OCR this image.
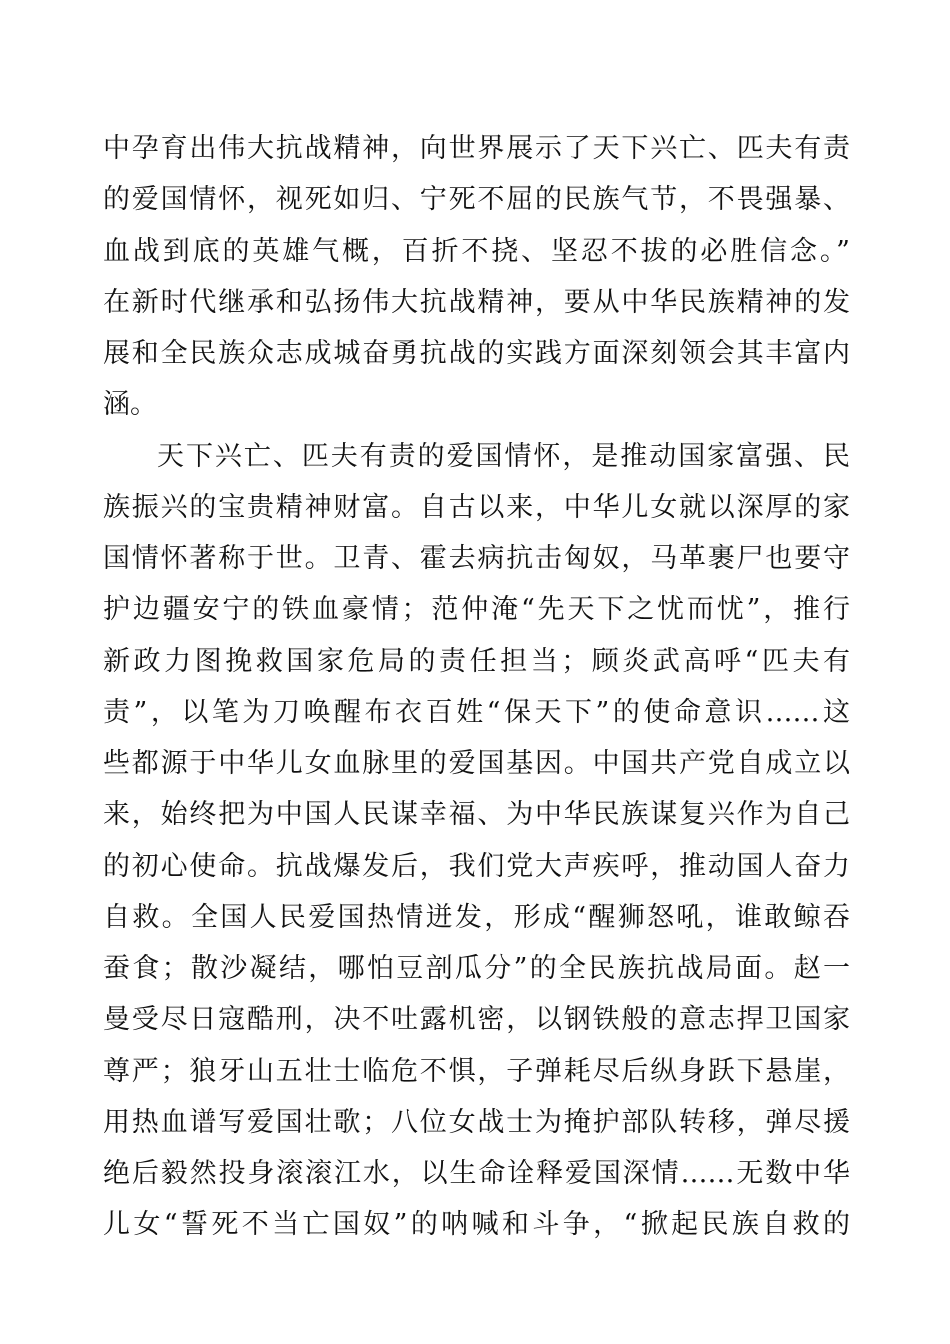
中孕育出伟大抗战精神，向世界展示了天下兴亡、匹夫有责
的爱国情怀，视死如归、宁死不屈的民族气节，不畏强暴、
血战到底的英雄气概，百折不挠、坚忍不拔的必胜信念。”
在新时代继承和弘扬伟大抗战精神，要从中华民族精神的发
展和全民族众志成城奋勇抗战的实践方面深刻领会其丰富内
涵。
天下兴亡、匹夫有责的爱国情怀，是推动国家富强、民
族振兴的宝贵精神财富。自古以来，中华儿女就以深厚的家
国情怀著称于世。卫青、霍去病抗击匈奴，马革裹尸也要守
护边疆安宁的铁血豪情；范仲淹“先天下之忧而忧”，推行
新政力图挽救国家危局的责任担当；顾炎武高呼“匹夫有
责”，以笔为刀唤醒布衣百姓“保天下”的使命意识……这
些都源于中华儿女血脉里的爱国基因。中国共产党自成立以
来，始终把为中国人民谋幸福、为中华民族谋复兴作为自己
的初心使命。抗战爆发后，我们党大声疾呼，推动国人奋力
自救。全国人民爱国热情迸发，形成“醒狮怒吼，谁敢鲸吞
蚕食；散沙凝结，哪怕豆剖瓜分”的全民族抗战局面。赵一
曼受尽日寇酷刑，决不吐露机密，以钢铁般的意志捍卫国家
尊严；狼牙山五壮士临危不惧，子弹耗尽后纵身跃下悬崖，
用热血谱写爱国壮歌；八位女战士为掩护部队转移，弹尽援
绝后毅然投身滚滚江水，以生命诠释爱国深情……无数中华
儿女“誓死不当亡国奴”的呐喊和斗争，“掀起民族自救的
